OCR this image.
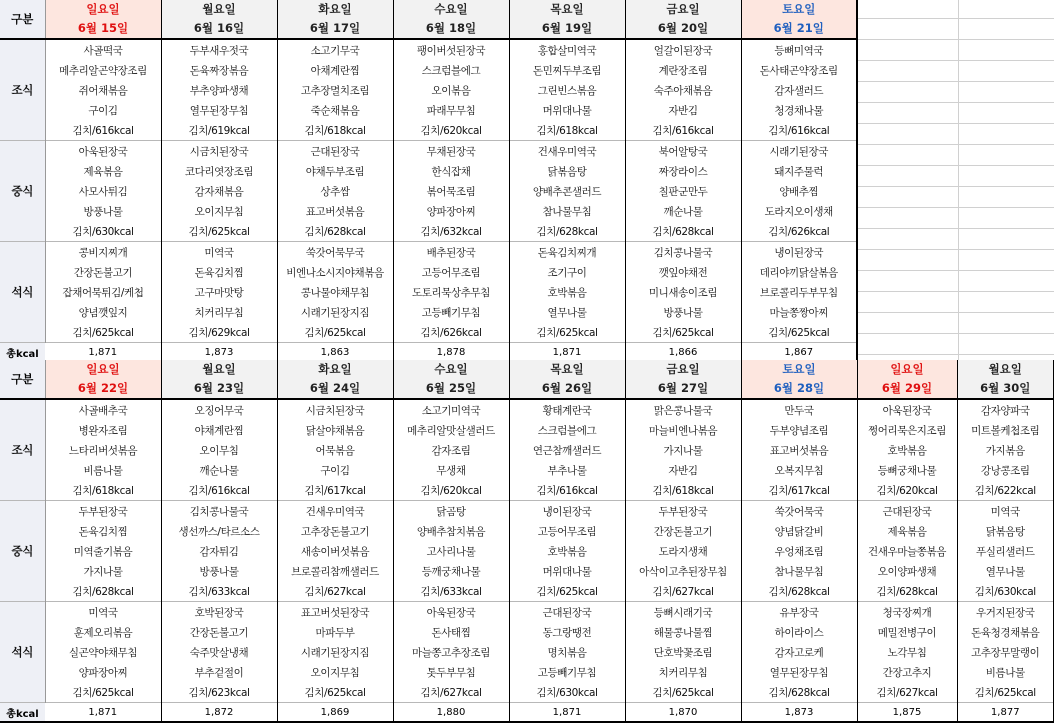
구분	일요일	월요일	화요일	수요일	목요일	금요일	토요일
	6월 15일	6월 16일	6월 17일	6월 18일	6월 19일	6월 20일	6월 21일
조식	사골떡국	두부새우젓국	소고기무국	팽이버섯된장국	홍합살미역국	얼갈이된장국	등뼈미역국
	메추리알곤약장조림	돈육짜장볶음	아채계란찜	스크럼블에그	돈민찌두부조림	계란장조림	돈사태곤약장조림
	쥐어채볶음	부추양파생채	고추장멸치조림	오이볶음	그린빈스볶음	숙주아채볶음	감자샐러드
	구이김	열무된장무침	죽순채볶음	파래무무침	머위대나물	자반김	청경채나물
	김치/616kcal	김치/619kcal	김치/618kcal	김치/620kcal	김치/618kcal	김치/616kcal	김치/616kcal
중식	아욱된장국	시금치된장국	근대된장국	무채된장국	건새우미역국	북어알탕국	시래기된장국
	제육볶음	코다리엿장조림	야채두부조림	한식잡채	닭볶음탕	짜장라이스	돼지주물럭
	사모사튀김	감자채볶음	상추쌈	볶어묵조림	양배추콘샐러드	칠판군만두	양배추찜
	방풍나물	오이지무침	표고버섯볶음	양파장아찌	참나물무침	깨순나물	도라지오이생채
	김치/630kcal	김치/625kcal	김치/628kcal	김치/632kcal	김치/628kcal	김치/628kcal	김치/626kcal
석식	콩비지찌개	미역국	쑥갓어묵무국	배추된장국	돈육김치찌개	김치콩나물국	냉이된장국
	간장돈불고기	돈육김치찜	비엔나소시지야채볶음	고등어무조림	조기구이	깻잎야채전	데리야끼닭살볶음
	잡채어묵튀김/케첩	고구마맛탕	콩나물야채무침	도토리묵상추무침	호박볶음	미니새송이조림	브로콜리두부무침
	양념깻잎지	치커리무침	시래기된장지짐	고등빼기무침	열무나물	방풍나물	마늘쫑짱아찌
	김치/625kcal	김치/629kcal	김치/625kcal	김치/626kcal	김치/625kcal	김치/625kcal	김치/625kcal
총kcal	1,871	1,873	1,863	1,878	1,871	1,866	1,867

구분	일요일	월요일	화요일	수요일	목요일	금요일	토요일	일요일	월요일
	6월 22일	6월 23일	6월 24일	6월 25일	6월 26일	6월 27일	6월 28일	6월 29일	6월 30일
조식	사골배추국	오징어무국	시금치된장국	소고기미역국	황태계란국	맑은콩나물국	만두국	아욱된장국	감자양파국
	병완자조림	야채계란찜	닭살야채볶음	메추리알맛살샐러드	스크럼블에그	마늘비엔나볶음	두부양념조림	쩡어리묵은지조림	미트볼케첩조림
	느타리버섯볶음	오이무침	어묵볶음	감자조림	연근참깨샐러드	가지나물	표고버섯볶음	호박볶음	가지볶음
	비름나물	깨순나물	구이김	무생채	부추나물	자반김	오복지무침	등뼈궁채나물	강낭콩조림
	김치/618kcal	김치/616kcal	김치/617kcal	김치/620kcal	김치/616kcal	김치/618kcal	김치/617kcal	김치/620kcal	김치/622kcal
중식	두부된장국	김치콩나물국	건새우미역국	닭곰탕	냉이된장국	두부된장국	쑥갓어묵국	근대된장국	미역국
	돈육김치찜	생선까스/타르소스	고추장돈불고기	양배추참치볶음	고등어무조림	간장돈불고기	양념닭갈비	제육볶음	닭볶음탕
	미역줄기볶음	감자튀김	새송이버섯볶음	고사리나물	호박볶음	도라지생채	우엉채조림	건새우마늘쫑볶음	푸실리샐러드
	가지나물	방풍나물	브로콜리참깨샐러드	등깨궁채나물	머위대나물	아삭이고추된장무침	참나물무침	오이양파생채	열무나물
	김치/628kcal	김치/633kcal	김치/627kcal	김치/633kcal	김치/625kcal	김치/627kcal	김치/628kcal	김치/628kcal	김치/630kcal
석식	미역국	호박된장국	표고버섯된장국	아욱된장국	근대된장국	등뼈시래기국	유부장국	청국장찌개	우거지된장국
	훈제오리볶음	간장돈불고기	마파두부	돈사태찜	동그랑땡전	해물콩나물찜	하이라이스	메밀전병구이	돈육청경채볶음
	실곤약야채무침	숙주맛살냉채	시래기된장지짐	마늘쫑고추장조림	명치볶음	단호박꽃조림	감자고로케	노각무침	고추장무말랭이
	양파장아찌	부추겉절이	오이지무침	톳두부무침	고등빼기무침	치커리무침	열무된장무침	간장고추지	비름나물
	김치/625kcal	김치/623kcal	김치/625kcal	김치/627kcal	김치/630kcal	김치/625kcal	김치/628kcal	김치/627kcal	김치/625kcal
총kcal	1,871	1,872	1,869	1,880	1,871	1,870	1,873	1,875	1,877
